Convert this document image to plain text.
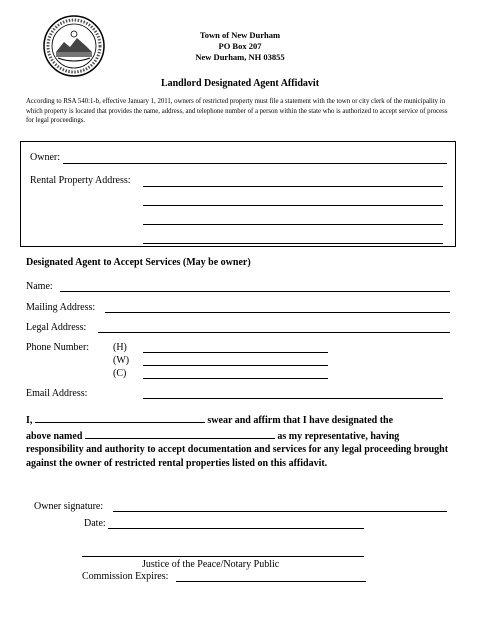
Town of New Durham
PO Box 207
New Durham, NH 03855
Landlord Designated Agent Affidavit
According to RSA 540:1-b, effective January 1, 2011, owners of restricted property must file a statement with the town or city clerk of the municipality in which property is located that provides the name, address, and telephone number of a person within the state who is authorized to accept service of process for legal proceedings.
Owner:
Rental Property Address:
Designated Agent to Accept Services (May be owner)
Name:
Mailing Address:
Legal Address:
Phone Number: (H)
(W)
(C)
Email Address:
I,	swear and affirm that I have designated the
above named	as my representative, having
responsibility and authority to accept documentation and services for any legal proceeding brought against the owner of restricted rental properties listed on this affidavit.
Owner signature:
Date:
Justice of the Peace/Notary Public
Commission Expires:
